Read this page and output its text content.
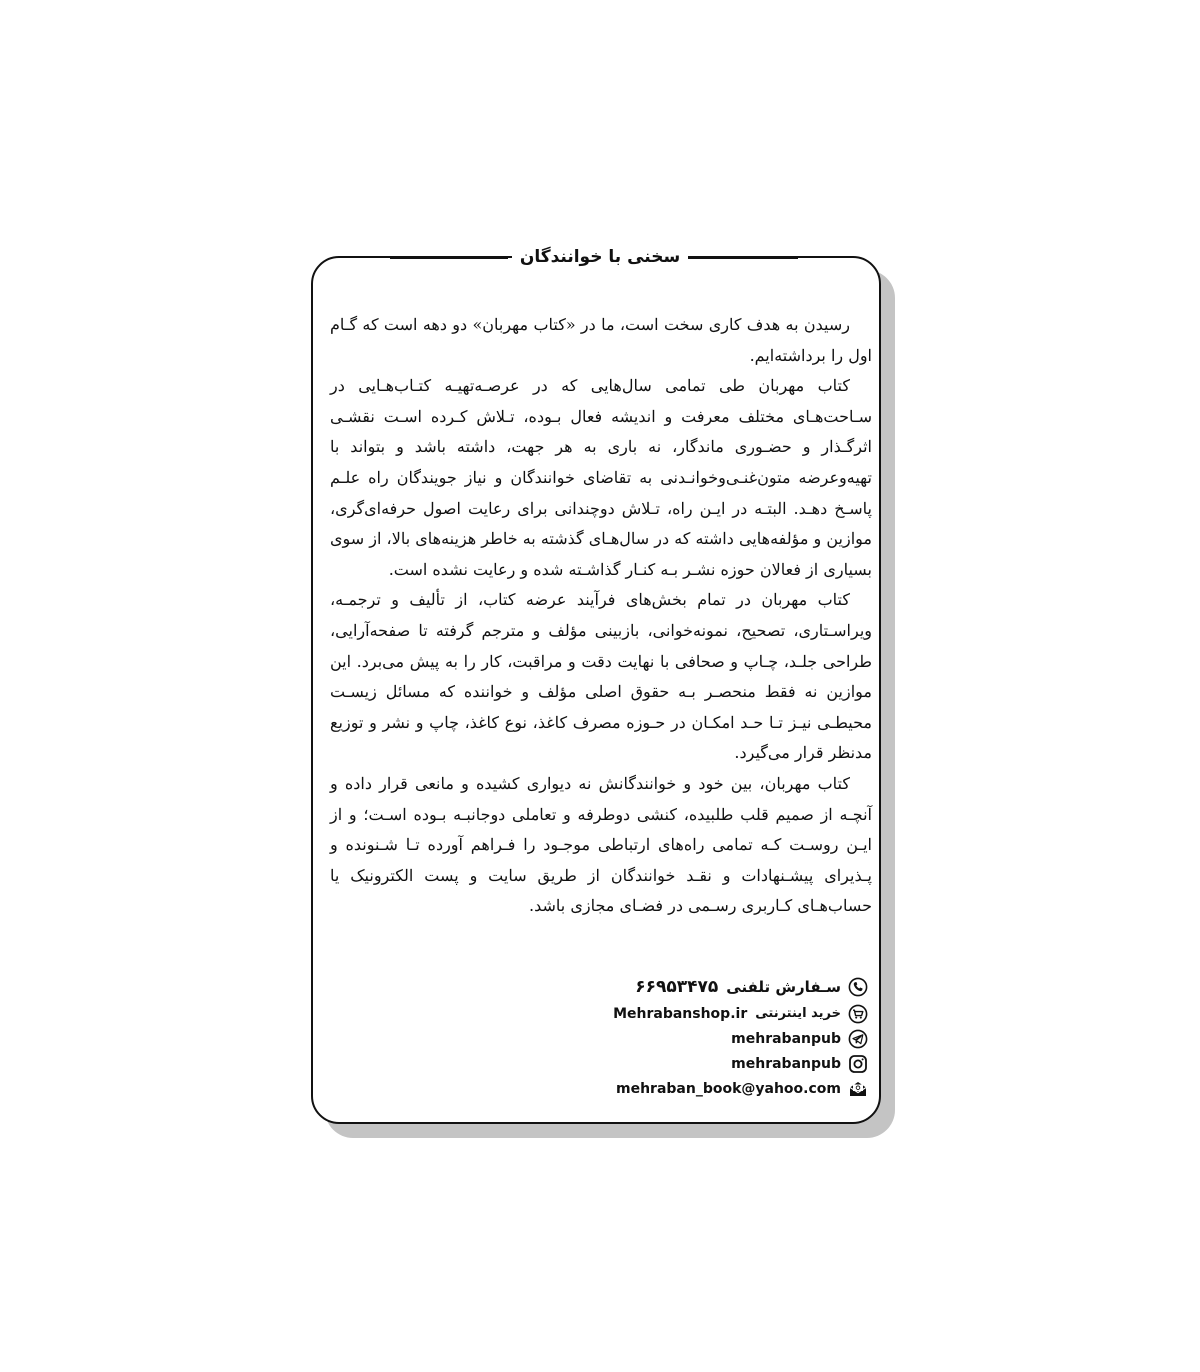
سخنی با خوانندگان

رسیدن به هدف کاری سخت است، ما در «کتاب مهربان» دو دهه است که گـام اول را برداشته‌ایم.

کتاب مهربان طی تمامی سال‌هایی که در عرصـه‌تهیـه کتـاب‌هـایی در سـاحت‌هـای مختلف معرفت و اندیشه فعال بـوده، تـلاش کـرده اسـت نقشـی اثرگـذار و حضـوری ماندگار، نه باری به هر جهت، داشته باشد و بتواند با تهیه‌وعرضه متون‌غنـی‌وخوانـدنی به تقاضای خوانندگان و نیاز جویندگان راه علـم پاسـخ دهـد. البتـه در ایـن راه، تـلاش دوچندانی برای رعایت اصول حرفه‌ای‌گری، موازین و مؤلفه‌هایی داشته که در سال‌هـای گذشته به خاطر هزینه‌های بالا، از سوی بسیاری از فعالان حوزه نشـر بـه کنـار گذاشـته شده و رعایت نشده است.

کتاب مهربان در تمام بخش‌های فرآیند عرضه کتاب، از تألیف و ترجمـه، ویراسـتاری، تصحیح، نمونه‌خوانی، بازبینی مؤلف و مترجم گرفته تا صفحه‌آرایی، طراحی جلـد، چـاپ و صحافی با نهایت دقت و مراقبت، کار را به پیش می‌برد. این موازین نه فقط منحصـر بـه حقوق اصلی مؤلف و خواننده که مسائل زیسـت محیطـی نیـز تـا حـد امکـان در حـوزه مصرف کاغذ، نوع کاغذ، چاپ و نشر و توزیع مدنظر قرار می‌گیرد.

کتاب مهربان، بین خود و خوانندگانش نه دیواری کشیده و مانعی قرار داده و آنچـه از صمیم قلب طلبیده، کنشی دوطرفه و تعاملی دوجانبـه بـوده اسـت؛ و از ایـن روسـت کـه تمامی راه‌های ارتباطی موجـود را فـراهم آورده تـا شـنونده و پـذیرای پیشـنهادات و نقـد خوانندگان از طریق سایت و پست الکترونیک یا حساب‌هـای کـاربری رسـمی در فضـای مجازی باشد.

سـفارش تلفنی
۶۶۹۵۳۴۷۵
خرید اینترنتی
Mehrabanshop.ir
mehrabanpub
mehrabanpub
mehraban_book@yahoo.com
